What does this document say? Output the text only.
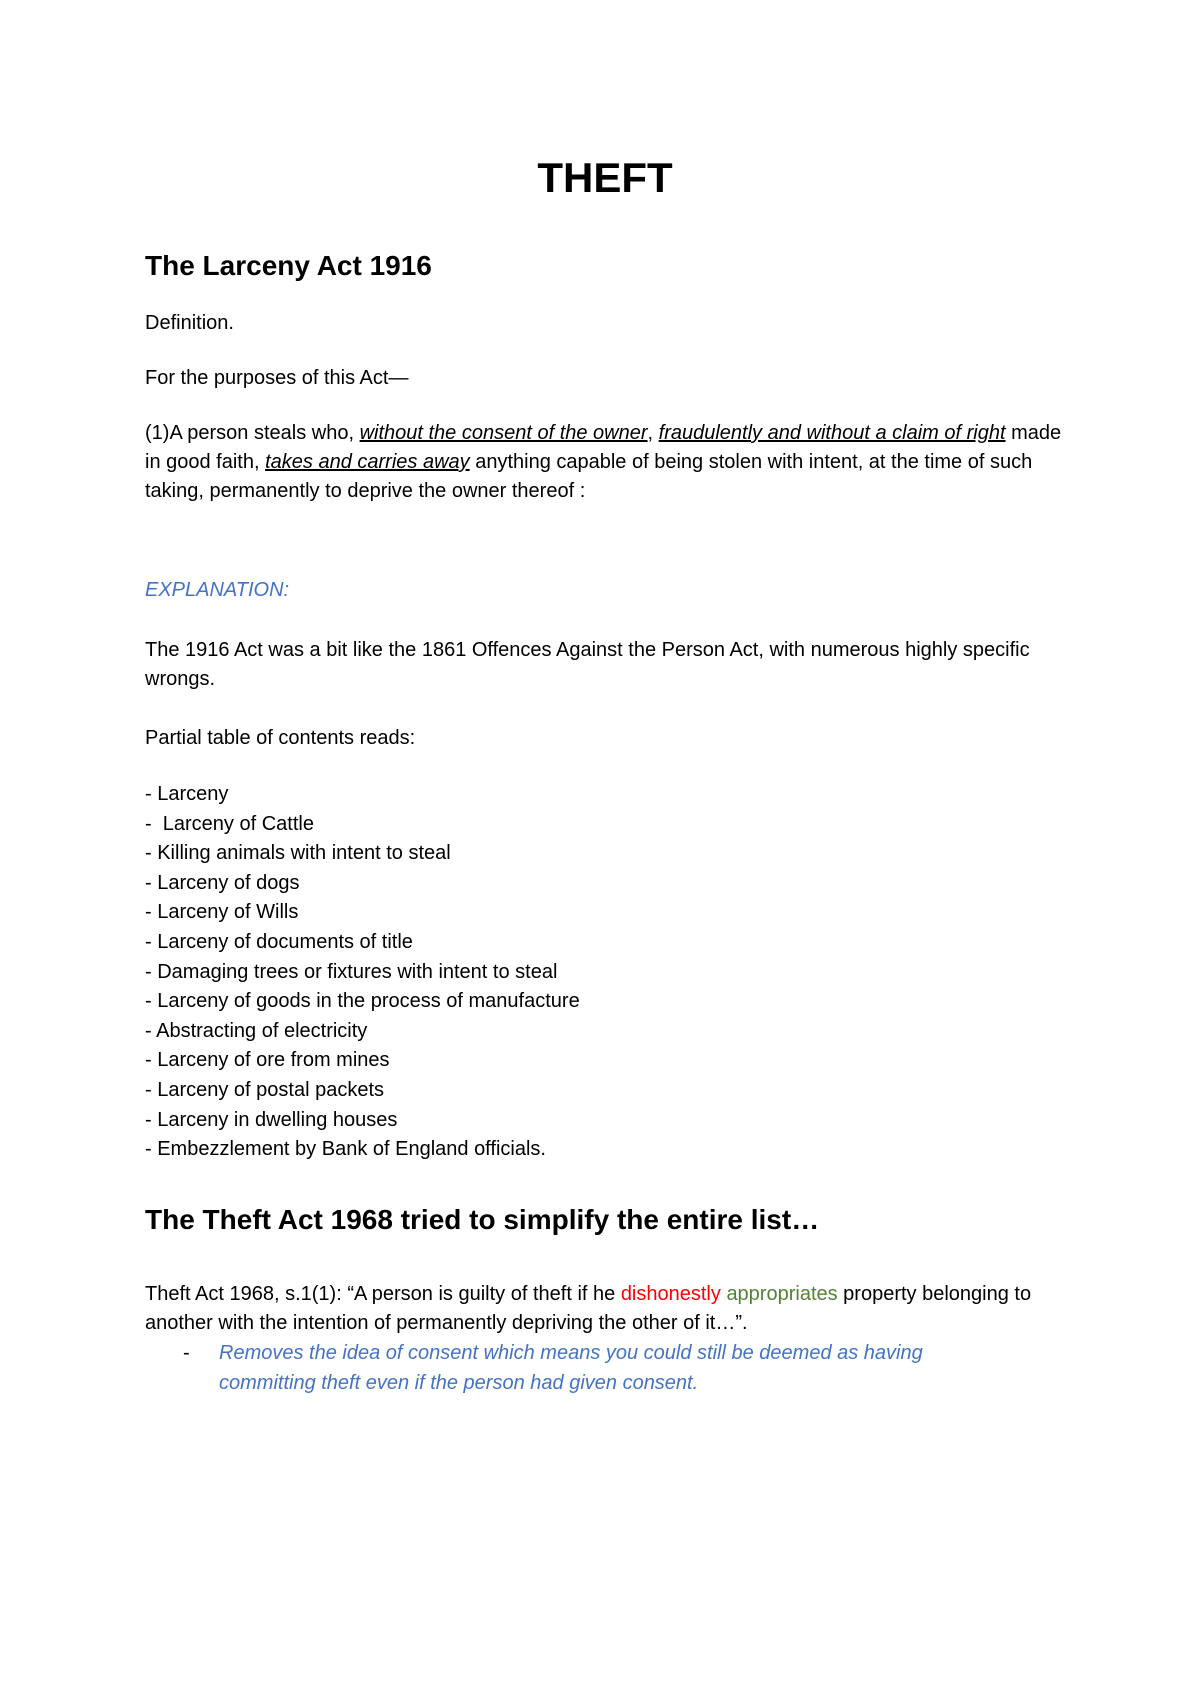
THEFT
The Larceny Act 1916

Definition.

For the purposes of this Act—

(1)A person steals who, without the consent of the owner, fraudulently and without a claim of right made in good faith, takes and carries away anything capable of being stolen with intent, at the time of such taking, permanently to deprive the owner thereof :

EXPLANATION:

The 1916 Act was a bit like the 1861 Offences Against the Person Act, with numerous highly specific wrongs.

Partial table of contents reads:

- Larceny
-  Larceny of Cattle
- Killing animals with intent to steal
- Larceny of dogs
- Larceny of Wills
- Larceny of documents of title
- Damaging trees or fixtures with intent to steal
- Larceny of goods in the process of manufacture
- Abstracting of electricity
- Larceny of ore from mines
- Larceny of postal packets
- Larceny in dwelling houses
- Embezzlement by Bank of England officials.
The Theft Act 1968 tried to simplify the entire list…

Theft Act 1968, s.1(1): “A person is guilty of theft if he dishonestly appropriates property belonging to another with the intention of permanently depriving the other of it…”.

- Removes the idea of consent which means you could still be deemed as having committing theft even if the person had given consent.
